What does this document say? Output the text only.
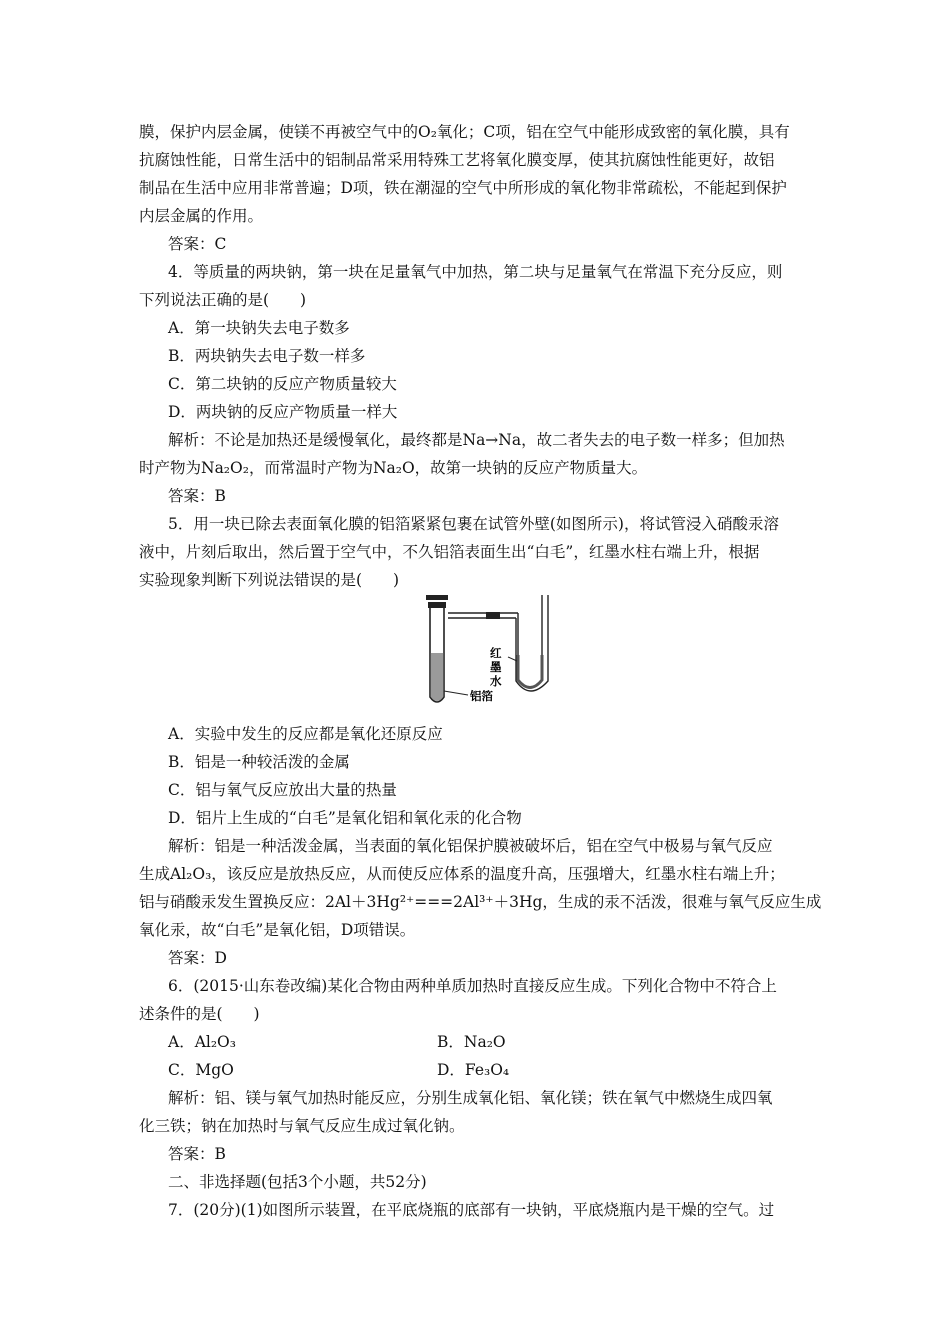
膜，保护内层金属，使镁不再被空气中的O₂氧化；C项，铝在空气中能形成致密的氧化膜，具有
抗腐蚀性能，日常生活中的铝制品常采用特殊工艺将氧化膜变厚，使其抗腐蚀性能更好，故铝
制品在生活中应用非常普遍；D项，铁在潮湿的空气中所形成的氧化物非常疏松，不能起到保护
内层金属的作用。
答案：C
4．等质量的两块钠，第一块在足量氧气中加热，第二块与足量氧气在常温下充分反应，则
下列说法正确的是(　　)
A．第一块钠失去电子数多
B．两块钠失去电子数一样多
C．第二块钠的反应产物质量较大
D．两块钠的反应产物质量一样大
解析：不论是加热还是缓慢氧化，最终都是Na→Na，故二者失去的电子数一样多；但加热
时产物为Na₂O₂，而常温时产物为Na₂O，故第一块钠的反应产物质量大。
答案：B
5．用一块已除去表面氧化膜的铝箔紧紧包裹在试管外壁(如图所示)，将试管浸入硝酸汞溶
液中，片刻后取出，然后置于空气中，不久铝箔表面生出“白毛”，红墨水柱右端上升，根据
实验现象判断下列说法错误的是(　　)
红
墨
水
铝箔
A．实验中发生的反应都是氧化还原反应
B．铝是一种较活泼的金属
C．铝与氧气反应放出大量的热量
D．铝片上生成的“白毛”是氧化铝和氧化汞的化合物
解析：铝是一种活泼金属，当表面的氧化铝保护膜被破坏后，铝在空气中极易与氧气反应
生成Al₂O₃，该反应是放热反应，从而使反应体系的温度升高，压强增大，红墨水柱右端上升；
铝与硝酸汞发生置换反应：2Al＋3Hg²⁺===2Al³⁺＋3Hg，生成的汞不活泼，很难与氧气反应生成
氧化汞，故“白毛”是氧化铝，D项错误。
答案：D
6．(2015·山东卷改编)某化合物由两种单质加热时直接反应生成。下列化合物中不符合上
述条件的是(　　)
A．Al₂O₃	B．Na₂O
C．MgO	D．Fe₃O₄
解析：铝、镁与氧气加热时能反应，分别生成氧化铝、氧化镁；铁在氧气中燃烧生成四氧
化三铁；钠在加热时与氧气反应生成过氧化钠。
答案：B
二、非选择题(包括3个小题，共52分)
7．(20分)(1)如图所示装置，在平底烧瓶的底部有一块钠，平底烧瓶内是干燥的空气。过
